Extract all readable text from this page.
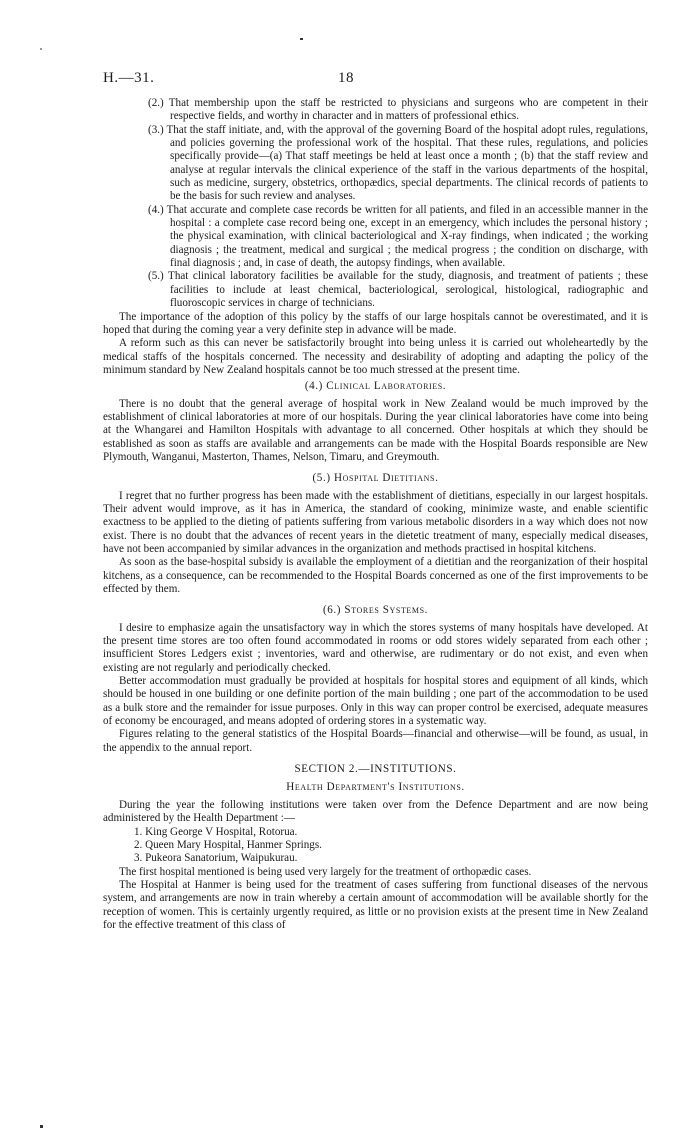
H.—31.	18

(2.) That membership upon the staff be restricted to physicians and surgeons who are competent in their respective fields, and worthy in character and in matters of professional ethics.

(3.) That the staff initiate, and, with the approval of the governing Board of the hospital adopt rules, regulations, and policies governing the professional work of the hospital. That these rules, regulations, and policies specifically provide—(a) That staff meetings be held at least once a month ; (b) that the staff review and analyse at regular intervals the clinical experience of the staff in the various departments of the hospital, such as medicine, surgery, obstetrics, orthopædics, special departments. The clinical records of patients to be the basis for such review and analyses.

(4.) That accurate and complete case records be written for all patients, and filed in an accessible manner in the hospital : a complete case record being one, except in an emergency, which includes the personal history ; the physical examination, with clinical bacteriological and X-ray findings, when indicated ; the working diagnosis ; the treatment, medical and surgical ; the medical progress ; the condition on discharge, with final diagnosis ; and, in case of death, the autopsy findings, when available.

(5.) That clinical laboratory facilities be available for the study, diagnosis, and treatment of patients ; these facilities to include at least chemical, bacteriological, serological, histological, radiographic and fluoroscopic services in charge of technicians.

The importance of the adoption of this policy by the staffs of our large hospitals cannot be overestimated, and it is hoped that during the coming year a very definite step in advance will be made.

A reform such as this can never be satisfactorily brought into being unless it is carried out wholeheartedly by the medical staffs of the hospitals concerned. The necessity and desirability of adopting and adapting the policy of the minimum standard by New Zealand hospitals cannot be too much stressed at the present time.

(4.) Clinical Laboratories.

There is no doubt that the general average of hospital work in New Zealand would be much improved by the establishment of clinical laboratories at more of our hospitals. During the year clinical laboratories have come into being at the Whangarei and Hamilton Hospitals with advantage to all concerned. Other hospitals at which they should be established as soon as staffs are available and arrangements can be made with the Hospital Boards responsible are New Plymouth, Wanganui, Masterton, Thames, Nelson, Timaru, and Greymouth.

(5.) Hospital Dietitians.

I regret that no further progress has been made with the establishment of dietitians, especially in our largest hospitals. Their advent would improve, as it has in America, the standard of cooking, minimize waste, and enable scientific exactness to be applied to the dieting of patients suffering from various metabolic disorders in a way which does not now exist. There is no doubt that the advances of recent years in the dietetic treatment of many, especially medical diseases, have not been accompanied by similar advances in the organization and methods practised in hospital kitchens.

As soon as the base-hospital subsidy is available the employment of a dietitian and the reorganization of their hospital kitchens, as a consequence, can be recommended to the Hospital Boards concerned as one of the first improvements to be effected by them.

(6.) Stores Systems.

I desire to emphasize again the unsatisfactory way in which the stores systems of many hospitals have developed. At the present time stores are too often found accommodated in rooms or odd stores widely separated from each other ; insufficient Stores Ledgers exist ; inventories, ward and otherwise, are rudimentary or do not exist, and even when existing are not regularly and periodically checked.

Better accommodation must gradually be provided at hospitals for hospital stores and equipment of all kinds, which should be housed in one building or one definite portion of the main building ; one part of the accommodation to be used as a bulk store and the remainder for issue purposes. Only in this way can proper control be exercised, adequate measures of economy be encouraged, and means adopted of ordering stores in a systematic way.

Figures relating to the general statistics of the Hospital Boards—financial and otherwise—will be found, as usual, in the appendix to the annual report.

SECTION 2.—INSTITUTIONS.

Health Department's Institutions.

During the year the following institutions were taken over from the Defence Department and are now being administered by the Health Department :—

1. King George V Hospital, Rotorua.

2. Queen Mary Hospital, Hanmer Springs.

3. Pukeora Sanatorium, Waipukurau.

The first hospital mentioned is being used very largely for the treatment of orthopædic cases.

The Hospital at Hanmer is being used for the treatment of cases suffering from functional diseases of the nervous system, and arrangements are now in train whereby a certain amount of accommodation will be available shortly for the reception of women. This is certainly urgently required, as little or no provision exists at the present time in New Zealand for the effective treatment of this class of
